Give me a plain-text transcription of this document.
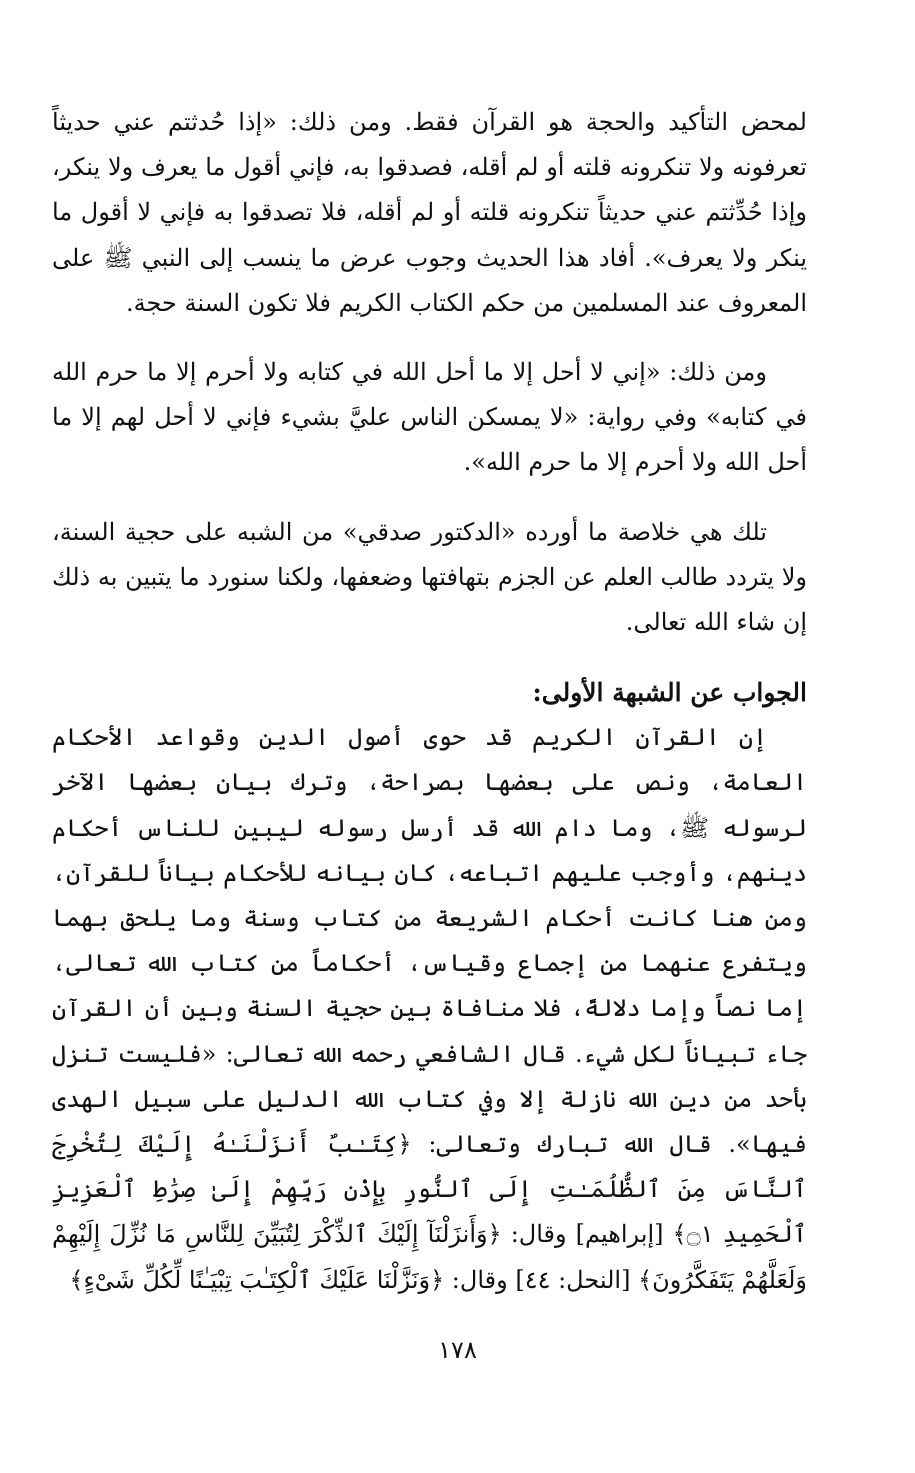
لمحض التأكيد والحجة هو القرآن فقط. ومن ذلك: «إذا حُدثتم عني حديثاً تعرفونه ولا تنكرونه قلته أو لم أقله، فصدقوا به، فإني أقول ما يعرف ولا ينكر، وإذا حُدِّثتم عني حديثاً تنكرونه قلته أو لم أقله، فلا تصدقوا به فإني لا أقول ما ينكر ولا يعرف». أفاد هذا الحديث وجوب عرض ما ينسب إلى النبي ﷺ على المعروف عند المسلمين من حكم الكتاب الكريم فلا تكون السنة حجة.

ومن ذلك: «إني لا أحل إلا ما أحل الله في كتابه ولا أحرم إلا ما حرم الله في كتابه» وفي رواية: «لا يمسكن الناس عليَّ بشيء فإني لا أحل لهم إلا ما أحل الله ولا أحرم إلا ما حرم الله».

تلك هي خلاصة ما أورده «الدكتور صدقي» من الشبه على حجية السنة، ولا يتردد طالب العلم عن الجزم بتهافتها وضعفها، ولكنا سنورد ما يتبين به ذلك إن شاء الله تعالى.

الجواب عن الشبهة الأولى:

إن القرآن الكريم قد حوى أصول الدين وقواعد الأحكام العامة، ونص على بعضها بصراحة، وترك بيان بعضها الآخر لرسوله ﷺ، وما دام الله قد أرسل رسوله ليبين للناس أحكام دينهم، وأوجب عليهم اتباعه، كان بيانه للأحكام بياناً للقرآن، ومن هنا كانت أحكام الشريعة من كتاب وسنة وما يلحق بهما ويتفرع عنهما من إجماع وقياس، أحكاماً من كتاب الله تعالى، إما نصاً وإما دلالةً، فلا منافاة بين حجية السنة وبين أن القرآن جاء تبياناً لكل شيء. قال الشافعي رحمه الله تعالى: «فليست تنزل بأحد من دين الله نازلة إلا وفي كتاب الله الدليل على سبيل الهدى فيها». قال الله تبارك وتعالى: ﴿كِتَـٰبٌ أَنزَلْنَـٰهُ إِلَيْكَ لِتُخْرِجَ ٱلنَّاسَ مِنَ ٱلظُّلُمَـٰتِ إِلَى ٱلنُّورِ بِإِذْنِ رَبِّهِمْ إِلَىٰ صِرَٰطِ ٱلْعَزِيزِ ٱلْحَمِيدِ ۝١﴾ [إبراهيم] وقال: ﴿وَأَنزَلْنَآ إِلَيْكَ ٱلذِّكْرَ لِتُبَيِّنَ لِلنَّاسِ مَا نُزِّلَ إِلَيْهِمْ وَلَعَلَّهُمْ يَتَفَكَّرُونَ﴾ [النحل: ٤٤] وقال: ﴿وَنَزَّلْنَا عَلَيْكَ ٱلْكِتَـٰبَ تِبْيَـٰنًا لِّكُلِّ شَىْءٍ﴾

١٧٨
